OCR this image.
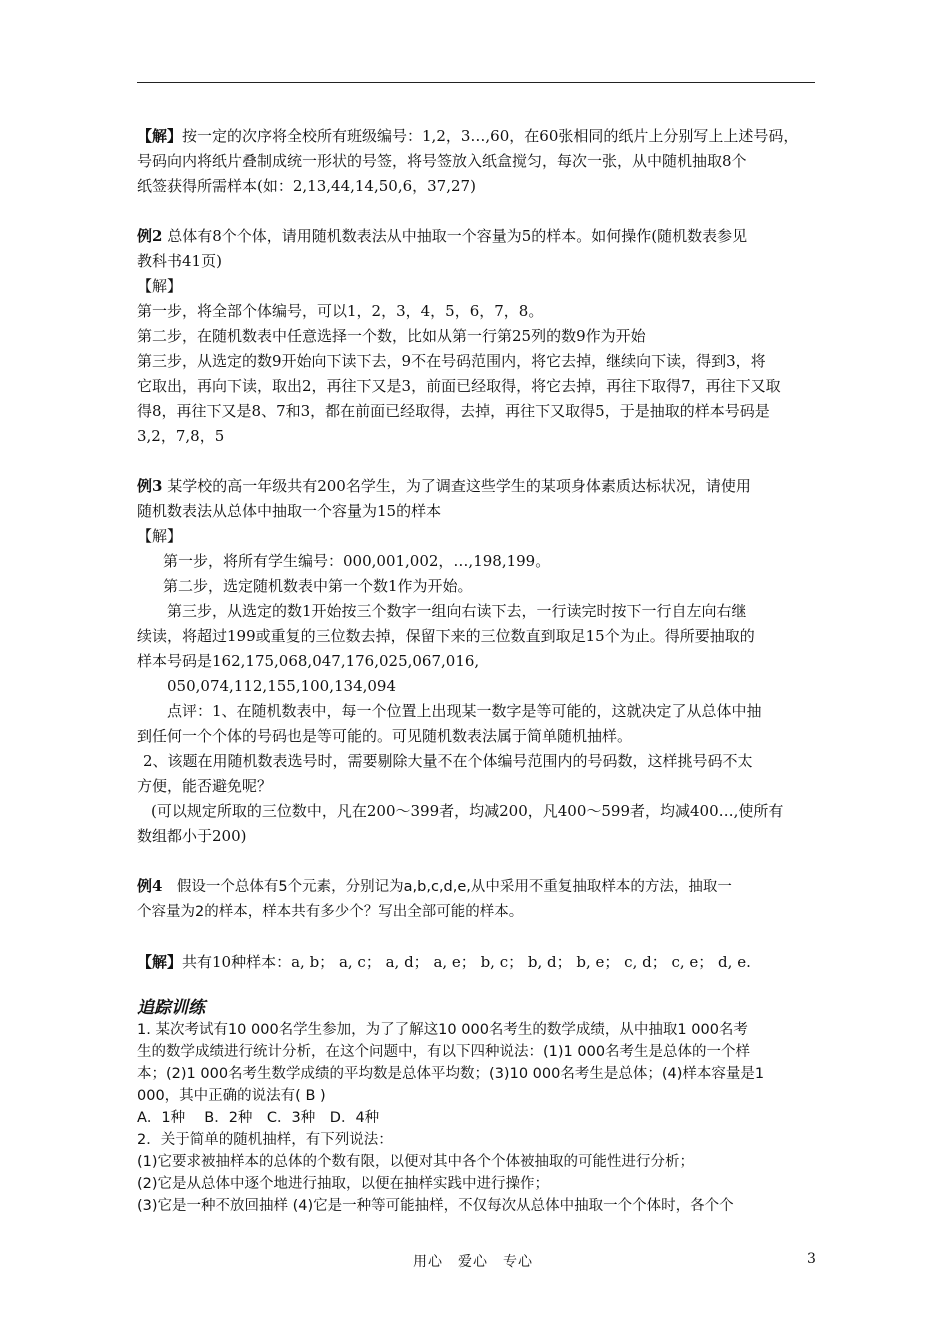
【解】按一定的次序将全校所有班级编号：1,2，3…,60，在60张相同的纸片上分别写上上述号码，

号码向内将纸片叠制成统一形状的号签，将号签放入纸盒搅匀，每次一张，从中随机抽取8个

纸签获得所需样本(如：2,13,44,14,50,6，37,27)

例2 总体有8个个体，请用随机数表法从中抽取一个容量为5的样本。如何操作(随机数表参见

教科书41页)

【解】

第一步，将全部个体编号，可以1，2，3，4，5，6，7，8。

第二步，在随机数表中任意选择一个数，比如从第一行第25列的数9作为开始

第三步，从选定的数9开始向下读下去，9不在号码范围内，将它去掉，继续向下读，得到3，将

它取出，再向下读，取出2，再往下又是3，前面已经取得，将它去掉，再往下取得7，再往下又取

得8，再往下又是8、7和3，都在前面已经取得，去掉，再往下又取得5，于是抽取的样本号码是

3,2，7,8，5

例3 某学校的高一年级共有200名学生，为了调查这些学生的某项身体素质达标状况，请使用

随机数表法从总体中抽取一个容量为15的样本

【解】

第一步，将所有学生编号：000,001,002，…,198,199。

第二步，选定随机数表中第一个数1作为开始。

第三步，从选定的数1开始按三个数字一组向右读下去，一行读完时按下一行自左向右继

续读，将超过199或重复的三位数去掉，保留下来的三位数直到取足15个为止。得所要抽取的

样本号码是162,175,068,047,176,025,067,016,

050,074,112,155,100,134,094

点评：1、在随机数表中，每一个位置上出现某一数字是等可能的，这就决定了从总体中抽

到任何一个个体的号码也是等可能的。可见随机数表法属于简单随机抽样。

2、该题在用随机数表选号时，需要剔除大量不在个体编号范围内的号码数，这样挑号码不太

方便，能否避免呢？

(可以规定所取的三位数中，凡在200～399者，均减200，凡400～599者，均减400…,使所有

数组都小于200)

例4　假设一个总体有5个元素，分别记为a,b,c,d,e,从中采用不重复抽取样本的方法，抽取一

个容量为2的样本，样本共有多少个？写出全部可能的样本。

【解】共有10种样本：a, b； a, c； a, d； a, e； b, c； b, d； b, e； c, d； c, e； d, e.

追踪训练

1. 某次考试有10 000名学生参加，为了了解这10 000名考生的数学成绩，从中抽取1 000名考

生的数学成绩进行统计分析，在这个问题中，有以下四种说法：(1)1 000名考生是总体的一个样

本；(2)1 000名考生数学成绩的平均数是总体平均数；(3)10 000名考生是总体；(4)样本容量是1

000，其中正确的说法有( B )

A．1种　 B．2种　C．3种　D．4种

2．关于简单的随机抽样，有下列说法：

(1)它要求被抽样本的总体的个数有限，以便对其中各个个体被抽取的可能性进行分析；

(2)它是从总体中逐个地进行抽取，以便在抽样实践中进行操作；

(3)它是一种不放回抽样 (4)它是一种等可能抽样，不仅每次从总体中抽取一个个体时，各个个

用心　爱心　专心	3
